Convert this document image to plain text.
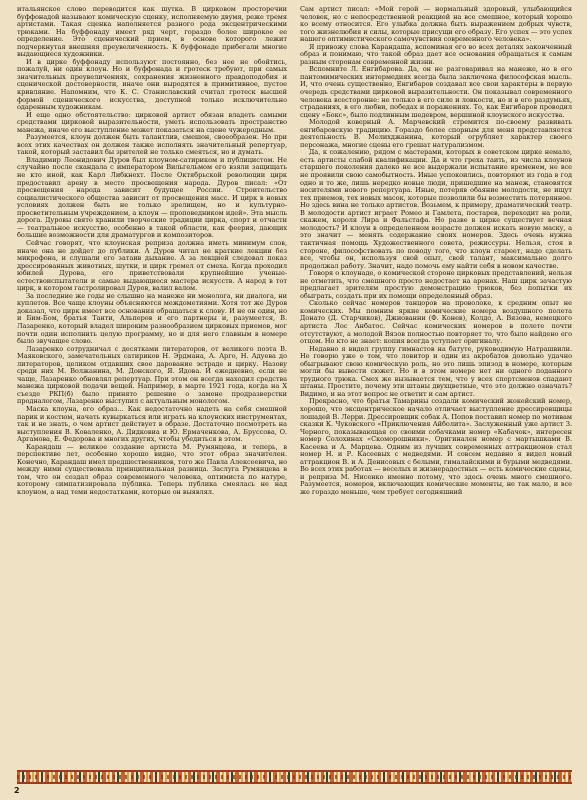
итальянское слово переводится как шутка. В цирковом просторечии буффонадой называют комическую сценку, исполняемую двумя, реже тремя артистами. Такая сценка наполняется разного рода эксцентрическими трюками. На буффонаду имеет ряд черт, гораздо более широкое ее определение. Это сценический прием, в основе которого лежит подчеркнутая внешняя преувеличенность. К буффонаде прибегали многие выдающиеся художники.

И в цирке буффонаду используют постоянно, без нее не обойтись, пожалуй, ни один клоун. Но и буффонада и гротеск требуют, при самых значительных преувеличениях, сохранения жизненного правдоподобия и сценической достоверности, иначе они выродятся в примитивное, пустое кривляние. Напомним, что К. С. Станиславский считал гротеск высшей формой сценического искусства, доступной только исключительно одаренным художникам.

И еще одно обстоятельство: цирковой артист обязан владеть самыми средствами цирковой выразительности, уметь использовать пространство манежа, иначе его выступление может показаться на сцене чужеродным.

Разумеется, клоун должен быть талантлив, смешон, своеобразен. Но при всех этих качествах он должен также исполнять значительный репертуар, такой, который заставил бы зрителей не только смеяться, но и думать.

Владимир Леонидович Дуров был клоуном-сатириком и публицистом. Не случайно после скандала с императором Вильгельмом его взяли защищать не кто иной, как Карл Либкнехт. После Октябрьской революции цирк предоставил арену в место просвещения народа. Дуров писал: «От просвещения народа зависит будущее России. Строительство социалистического общества зависит от просвещения масс. И цирк в новых условиях должен быть не только зрелищем, но и культурно-просветительным учреждением, а клоун — проповедником идей». Эта мысль дорога. Дуровы свято хранили творческие традиции цирка, спорт и отчасти — театральное искусство, особенно в такой области, как феерия, дающих большие возможности для драматургов и композиторов.

Сейчас говорят, что клоунская реприза должна иметь минимум слов, иначе она не дойдет до публики. А Дуров читал не краткие лекции без микрофона, и слушали его затаив дыхание. А за лекцией следовал показ дрессированных животных, шутки, и цирк гремел от смеха. Когда проходил юбилей Дурова, его приветствовали крупнейшие ученые-естествоиспытатели и самые выдающиеся мастера искусств. А народ в тот цирк, в котором гастролировал Дуров, валил валом.

За последние же годы не слышно на манеже ни монолога, ни диалога, ни куплетов. Все чаще клоуны объясняются междометиями. Хотя тот же Дуров доказал, что цирк имеет все основания обращаться к слову. И не он один, но и Бим-Бом, братья Танти, Альперов и его партнеры и, разумеется, В. Лазаренко, который владел широким разнообразием цирковых приемов, мог почти один исполнить целую программу, но и для него главным в номере было звучащее слово.

Лазаренко сотрудничал с десятками литераторов, от великого поэта В. Маяковского, замечательных сатириков Н. Эрдмана, А. Арго, Н. Адуева до литераторов, целиком отдавших свое дарование эстраде и цирку. Назову среди них М. Волжанина, М. Донского, Я. Ядова. И ежедневно, если не чаще, Лазаренко обновлял репертуар. При этом он всегда находил средства манежа цирковой подачи вещей. Например, в марте 1921 года, когда на X съезде РКП(б) было принято решение о замене продразверстки продналогом, Лазаренко выступил с актуальным монологом.

Маска клоуна, его образ... Как недостаточно надеть на себя смешной парик и костюм, начать кувыркаться или играть на клоунских инструментах, так и не знать, о чем артист действует в образе. Достаточно посмотреть на выступления В. Коваленко, А. Дидковиа и Ю. Ермаченкова, А. Бруссова, О. Аргамова, Е. Федорова и многих других, чтобы убедиться в этом.

Карандаш — великое создание артиста М. Румянцева, и теперь, в перспективе лет, особенно хорошо видно, что этот образ значителен. Конечно, Карандаш имел предшественников, того же Павла Алексеевича, но между ними существовала принципиальная разница. Заслуга Румянцева в том, что он создал образ современного человека, оптимиста по натуре, которому симпатизировала публика. Теперь публика смеялась не над клоуном, а над теми недостатками, которые он выявлял.

Сам артист писал: «Мой герой — нормальный здоровый, улыбающийся человек, но с непосредственной реакцией на все смешное, который хорошо ко всему относится. Его улыбка должна быть выражением добрых чувств, того жизнелюбия и силы, которые присущи его образу. Его успех — это успех нашего оптимистического самочувствия современного человека».

Я привожу слова Карандаша, вспоминая его во всех деталях законченный образ и понимаю, что такой образ дает все основания обращаться к самым разным сторонам современной жизни.

Вспомните Л. Енгибарова. Да, он не разговаривал на манеже, но в его пантомимических интермедиях всегда была заключена философская мысль. И, что очень существенно, Енгибаров создавал все свои характеры в первую очередь средствами цирковой выразительности. Он показывал современного человека всесторонне: не только в его силе и ловкости, но и в его раздумьях, страданиях, в его любви, победах и поражениях. То, как Енгибаров проводил сцену «Бокс», было подлинным шедевром, вершиной клоунского искусства.

Молодой коверный А. Марчевский стремится по-своему развивать енгибаровскую традицию. Гораздо более спорным для меня представляется деятельность В. Мелихджанина, который огрубляет характер своего персонажа, многие сцены его грешат натурализмом.

Да, к сожалению, рядом с мастерами, которых в советском цирке немало, есть артисты слабой квалификации. Да и что греха таить, из числа клоунов старшего поколения далеко не все выдержали испытание временем, не все не проявили свою самобытность. Иные успокоились, повторяют из года в год одно и то же, лишь нередко новые люди, пришедшие на манеж, становятся носителями нового репертуара. Иные, потеряв обаяние молодости, не ищут тех приемов, тех новых масок, которые позволили бы возместить потерянное. Но здесь вина не только артистов. Возьмем, к примеру, драматический театр. В молодости артист играет Ромео и Гамлета, постарев, переходит на роли, скажем, короля Лира и Фальстафа. Но разве в цирке существует вечная молодость? И клоун в определенном возрасте должен искать новую маску, а это значит — менять содержание своих номеров. Здесь очень нужна тактичная помощь Художественного совета, режиссуры. Нельзя, стоя в стороне, философствовать по поводу того, что клоун стареет, надо сделать все, чтобы он, используя свой опыт, свой талант, максимально долго продолжал работу. Значит, надо помочь ему найти себя в новом качестве.

Говоря о клоунаде, о комической стороне цирковых представлений, нельзя не отметить, что смешного просто недостает на аренах. Наш цирк зачастую предлагает зрителям простую демонстрацию трюков, без попытки их обыграть, создать при их помощи определенный образ.

Сколько сейчас номеров танцоров на проволоке, к средним опыт не комических. Мы помним яркие комические номера воздушного полета Донато (Д. Старчиков), Джиованни (Ф. Конев), Колдо, А. Вязова, немецкого артиста Лос Анбатос. Сейчас комических номеров в полете почти отсутствуют, а молодой Вязов полностью повторяет то, что было найдено его отцом. Но кто не знает: копия всегда уступает оригиналу.

Недавно я видел группу гимнастов на батуте, руководимую Натрашвили. Не говорю уже о том, что ловитор и один из акробатов довольно удачно обыгрывают свою комическую роль, но это лишь эпизод в номере, которым могли бы вывести сюжет. Но и в этом номере нет ни одного поданного трудного трюка. Смех же вызывается тем, что у всех спортсменов спадают штаны. Простите, почему эти штаны двухцветные, что это должно означать? Видимо, и на этот вопрос не ответит и сам артист.

Прекрасно, что братья Тамарины создали комический жокейский номер, хорошо, что эксцентрическое начало отличает выступление дрессировщицы лошадей В. Лерри. Дрессировщик собак А. Попов поставил номер по мотивам сказки К. Чуковского «Приключения Айболита». Заслуженный уже артист З. Черного, показывающая со своими собачками номер «Кабачок», интересен номер Солохинах «Скоморошники». Оригинален номер с мартышками В. Касеева и А. Марцева. Одним из лучших современных аттракционов стал номер Н. и Р. Касеевых с медведями. И совсем недавно я видел новый аттракцион В. и А. Денисовых с белыми, гималайскими и бурыми медведями. Во всех этих работах — веселых и жизнерадостных — есть комические сцены, и реприза М. Нисенко именно потому, что здесь очень много смешного. Разумеется, номеров, включающих комические моменты, не так мало, и все же гораздо меньше, чем требует сегодняшний

2
